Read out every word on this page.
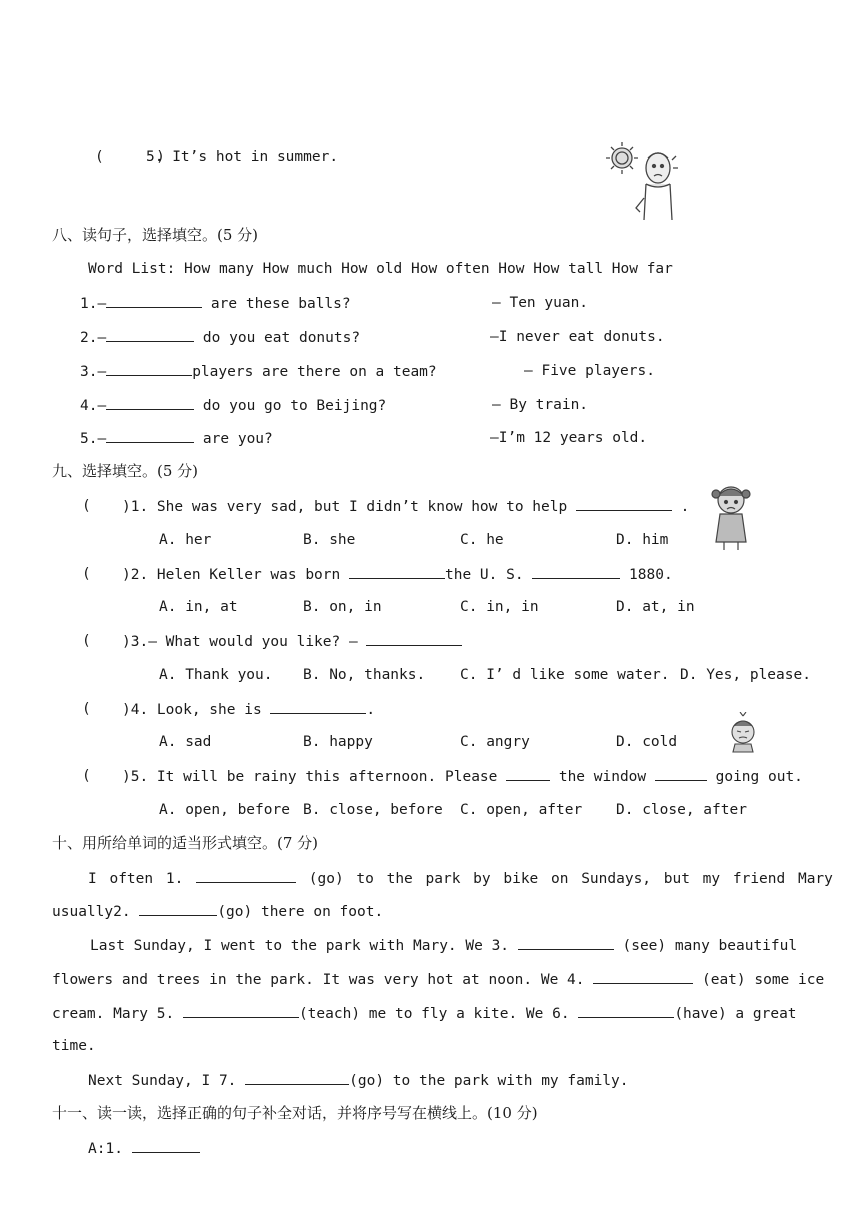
(      )
5. It’s hot in summer.
八、读句子，选择填空。(5 分)
Word List: How many How much How old How often How How tall How far
1.—	are these balls?	— Ten yuan.
2.—	do you eat donuts?	—I never eat donuts.
3.—	players are there on a team?	— Five players.
4.—	do you go to Beijing?	— By train.
5.—	are you?	—I’m 12 years old.
九、选择填空。(5 分)
( )1. She was very sad, but I didn’t know how to help	.
A. her	B. she	C. he	D. him
( )2. Helen Keller was born	the U. S.	1880.
A. in, at	B. on, in	C. in, in	D. at, in
( )3.— What would you like? —
A. Thank you. B. No, thanks. C. I’ d like some water. D. Yes, please.
( )4. Look, she is	.
A. sad	B. happy	C. angry	D. cold
( )5. It will be rainy this afternoon. Please	the window	going out.
A. open, before B. close, before C. open, after D. close, after
十、用所给单词的适当形式填空。(7 分)
I often 1.	(go) to the park by bike on Sundays, but my friend Mary
usually2.	(go) there on foot.
Last Sunday, I went to the park with Mary. We 3.	(see) many beautiful
flowers and trees in the park. It was very hot at noon. We 4.	(eat) some ice
cream. Mary 5.	(teach) me to fly a kite. We 6.	(have) a great
time.
Next Sunday, I 7.	(go) to the park with my family.
十一、读一读，选择正确的句子补全对话，并将序号写在横线上。(10 分)
A:1.
